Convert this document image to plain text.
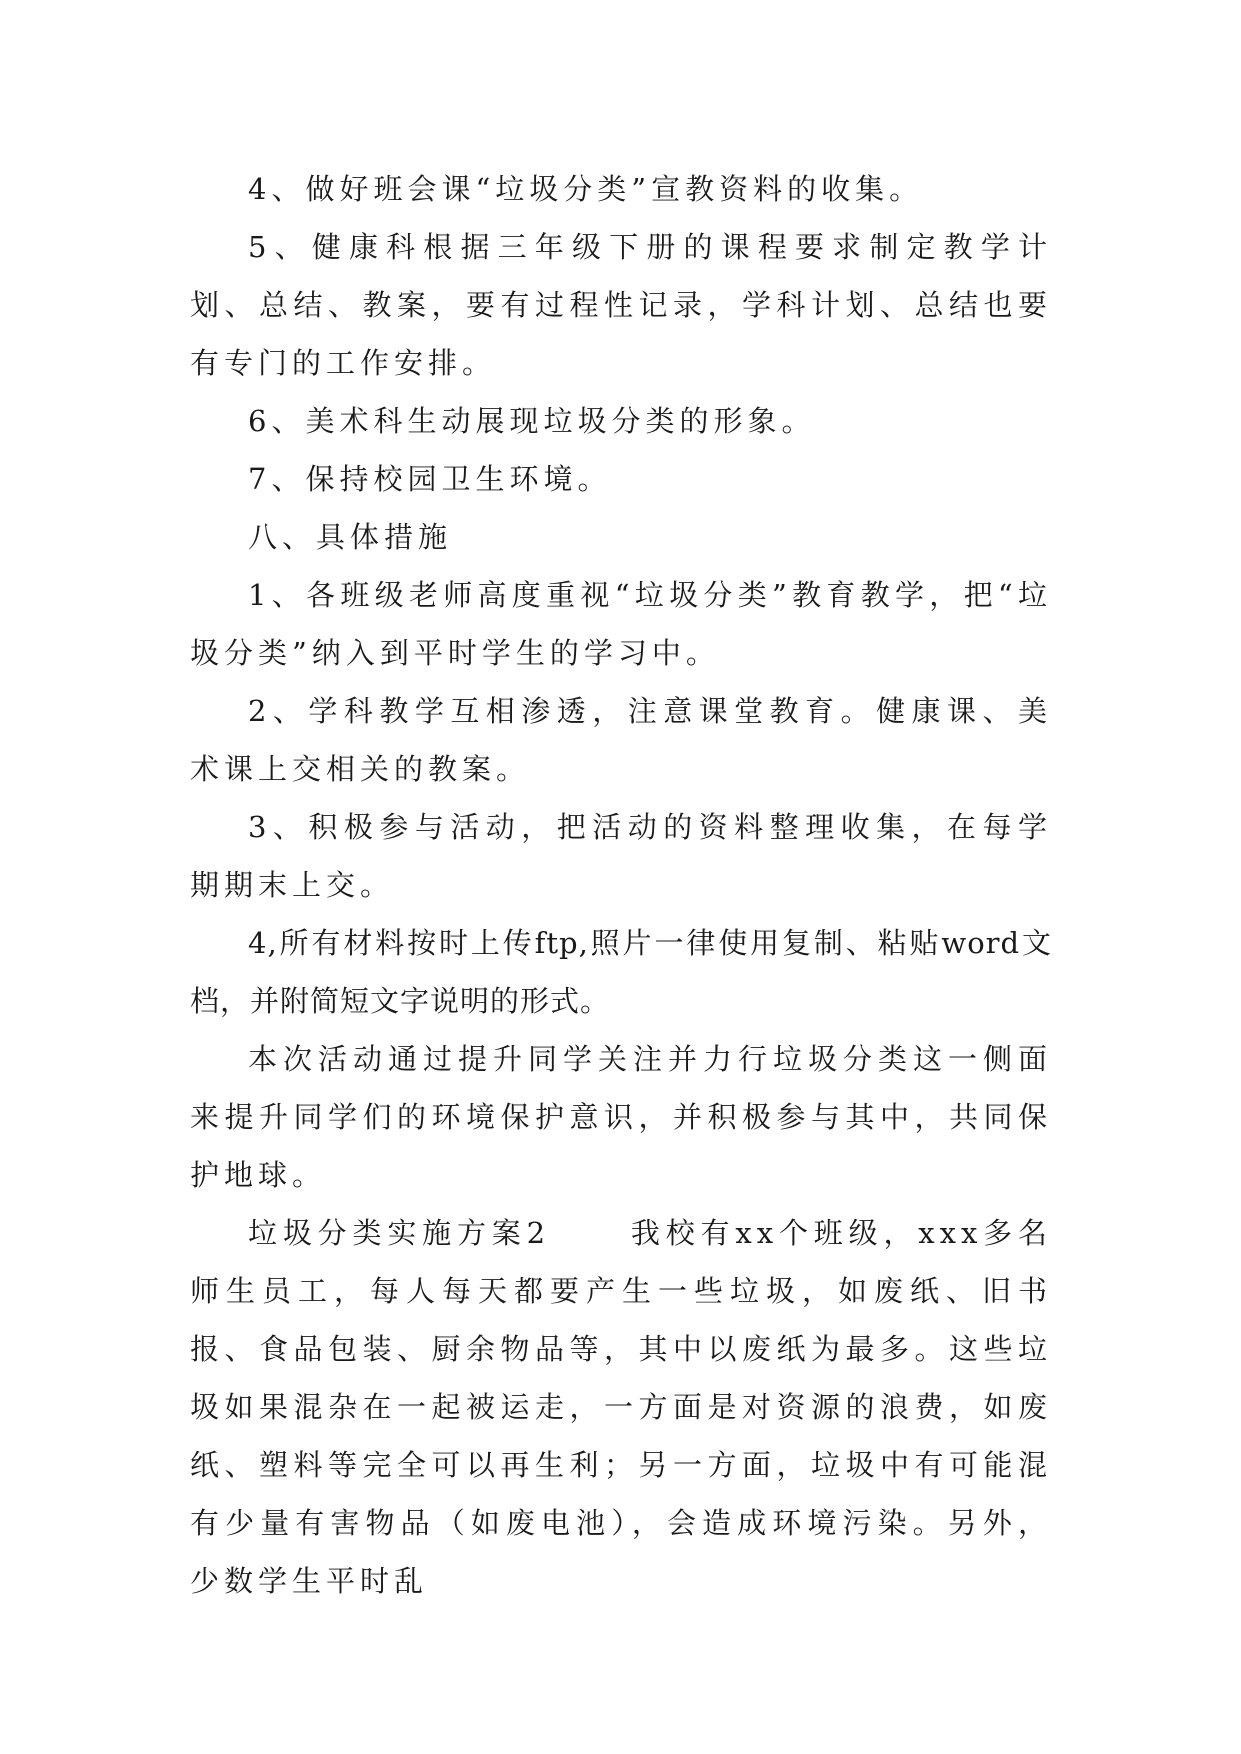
4、做好班会课“垃圾分类”宣教资料的收集。

5、健康科根据三年级下册的课程要求制定教学计划、总结、教案，要有过程性记录，学科计划、总结也要有专门的工作安排。

6、美术科生动展现垃圾分类的形象。

7、保持校园卫生环境。

八、具体措施

1、各班级老师高度重视“垃圾分类”教育教学，把“垃圾分类”纳入到平时学生的学习中。

2、学科教学互相渗透，注意课堂教育。健康课、美术课上交相关的教案。

3、积极参与活动，把活动的资料整理收集，在每学期期末上交。

4,所有材料按时上传ftp,照片一律使用复制、粘贴word文档，并附简短文字说明的形式。

本次活动通过提升同学关注并力行垃圾分类这一侧面来提升同学们的环境保护意识，并积极参与其中，共同保护地球。

垃圾分类实施方案2	我校有xx个班级，xxx多名师生员工，每人每天都要产生一些垃圾，如废纸、旧书报、食品包装、厨余物品等，其中以废纸为最多。这些垃圾如果混杂在一起被运走，一方面是对资源的浪费，如废纸、塑料等完全可以再生利；另一方面，垃圾中有可能混有少量有害物品（如废电池），会造成环境污染。另外，少数学生平时乱
